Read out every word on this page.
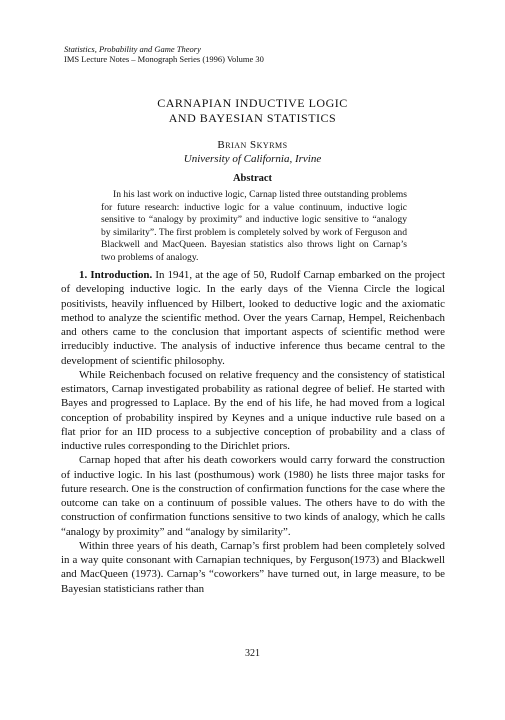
Statistics, Probability and Game Theory
IMS Lecture Notes – Monograph Series (1996) Volume 30
CARNAPIAN INDUCTIVE LOGIC
AND BAYESIAN STATISTICS
Brian Skyrms
University of California, Irvine
Abstract

In his last work on inductive logic, Carnap listed three outstanding problems for future research: inductive logic for a value continuum, inductive logic sensitive to “analogy by proximity” and inductive logic sensitive to “analogy by similarity”. The first problem is completely solved by work of Ferguson and Blackwell and MacQueen. Bayesian statistics also throws light on Carnap’s two problems of analogy.

1. Introduction. In 1941, at the age of 50, Rudolf Carnap embarked on the project of developing inductive logic. In the early days of the Vienna Circle the logical positivists, heavily influenced by Hilbert, looked to deductive logic and the axiomatic method to analyze the scientific method. Over the years Carnap, Hempel, Reichenbach and others came to the conclusion that important aspects of scientific method were irreducibly inductive. The analysis of inductive inference thus became central to the development of scientific philosophy.

While Reichenbach focused on relative frequency and the consistency of statistical estimators, Carnap investigated probability as rational degree of belief. He started with Bayes and progressed to Laplace. By the end of his life, he had moved from a logical conception of probability inspired by Keynes and a unique inductive rule based on a flat prior for an IID process to a subjective conception of probability and a class of inductive rules corresponding to the Dirichlet priors.

Carnap hoped that after his death coworkers would carry forward the construction of inductive logic. In his last (posthumous) work (1980) he lists three major tasks for future research. One is the construction of confirmation functions for the case where the outcome can take on a continuum of possible values. The others have to do with the construction of confirmation functions sensitive to two kinds of analogy, which he calls “analogy by proximity” and “analogy by similarity”.

Within three years of his death, Carnap’s first problem had been completely solved in a way quite consonant with Carnapian techniques, by Ferguson(1973) and Blackwell and MacQueen (1973). Carnap’s “coworkers” have turned out, in large measure, to be Bayesian statisticians rather than

321
